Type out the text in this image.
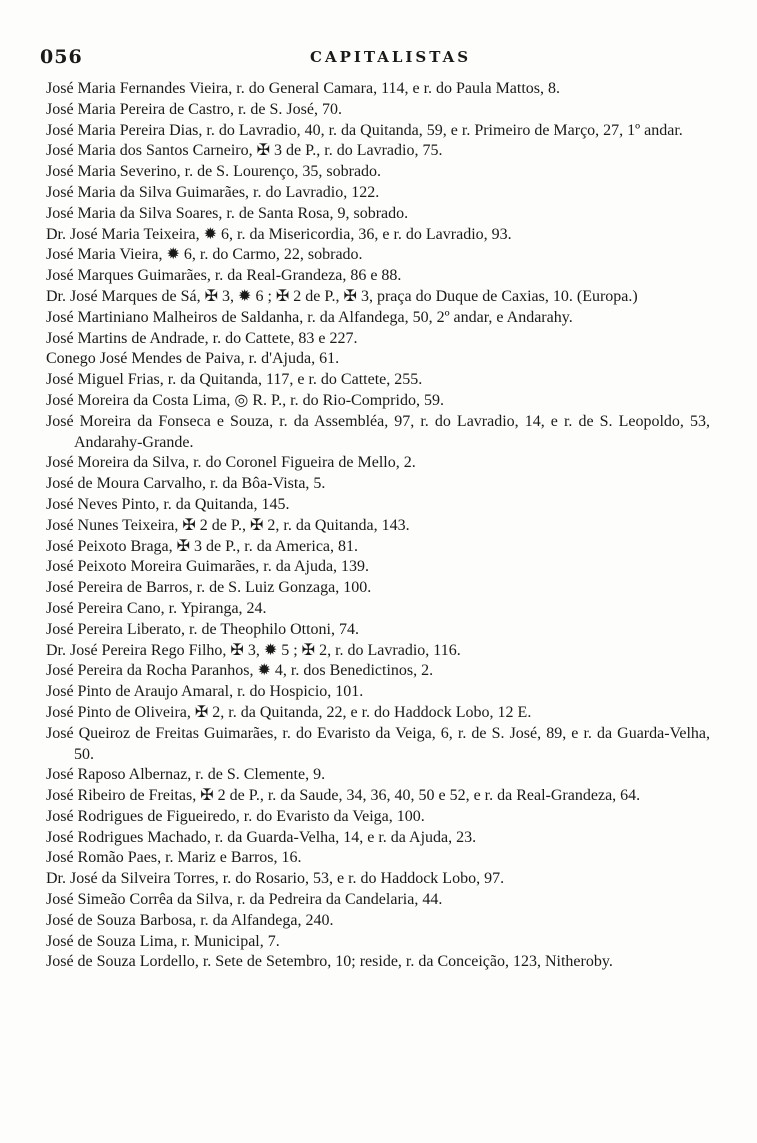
056	CAPITALISTAS
José Maria Fernandes Vieira, r. do General Camara, 114, e r. do Paula Mattos, 8.
José Maria Pereira de Castro, r. de S. José, 70.
José Maria Pereira Dias, r. do Lavradio, 40, r. da Quitanda, 59, e r. Primeiro de Março, 27, 1º andar.
José Maria dos Santos Carneiro, ✠ 3 de P., r. do Lavradio, 75.
José Maria Severino, r. de S. Lourenço, 35, sobrado.
José Maria da Silva Guimarães, r. do Lavradio, 122.
José Maria da Silva Soares, r. de Santa Rosa, 9, sobrado.
Dr. José Maria Teixeira, ✹ 6, r. da Misericordia, 36, e r. do Lavradio, 93.
José Maria Vieira, ✹ 6, r. do Carmo, 22, sobrado.
José Marques Guimarães, r. da Real-Grandeza, 86 e 88.
Dr. José Marques de Sá, ✠ 3, ✹ 6 ; ✠ 2 de P., ✠ 3, praça do Duque de Caxias, 10. (Europa.)
José Martiniano Malheiros de Saldanha, r. da Alfandega, 50, 2º andar, e Andarahy.
José Martins de Andrade, r. do Cattete, 83 e 227.
Conego José Mendes de Paiva, r. d'Ajuda, 61.
José Miguel Frias, r. da Quitanda, 117, e r. do Cattete, 255.
José Moreira da Costa Lima, ◎ R. P., r. do Rio-Comprido, 59.
José Moreira da Fonseca e Souza, r. da Assembléa, 97, r. do Lavradio, 14, e r. de S. Leopoldo, 53, Andarahy-Grande.
José Moreira da Silva, r. do Coronel Figueira de Mello, 2.
José de Moura Carvalho, r. da Bôa-Vista, 5.
José Neves Pinto, r. da Quitanda, 145.
José Nunes Teixeira, ✠ 2 de P., ✠ 2, r. da Quitanda, 143.
José Peixoto Braga, ✠ 3 de P., r. da America, 81.
José Peixoto Moreira Guimarães, r. da Ajuda, 139.
José Pereira de Barros, r. de S. Luiz Gonzaga, 100.
José Pereira Cano, r. Ypiranga, 24.
José Pereira Liberato, r. de Theophilo Ottoni, 74.
Dr. José Pereira Rego Filho, ✠ 3, ✹ 5 ; ✠ 2, r. do Lavradio, 116.
José Pereira da Rocha Paranhos, ✹ 4, r. dos Benedictinos, 2.
José Pinto de Araujo Amaral, r. do Hospicio, 101.
José Pinto de Oliveira, ✠ 2, r. da Quitanda, 22, e r. do Haddock Lobo, 12 E.
José Queiroz de Freitas Guimarães, r. do Evaristo da Veiga, 6, r. de S. José, 89, e r. da Guarda-Velha, 50.
José Raposo Albernaz, r. de S. Clemente, 9.
José Ribeiro de Freitas, ✠ 2 de P., r. da Saude, 34, 36, 40, 50 e 52, e r. da Real-Grandeza, 64.
José Rodrigues de Figueiredo, r. do Evaristo da Veiga, 100.
José Rodrigues Machado, r. da Guarda-Velha, 14, e r. da Ajuda, 23.
José Romão Paes, r. Mariz e Barros, 16.
Dr. José da Silveira Torres, r. do Rosario, 53, e r. do Haddock Lobo, 97.
José Simeão Corrêa da Silva, r. da Pedreira da Candelaria, 44.
José de Souza Barbosa, r. da Alfandega, 240.
José de Souza Lima, r. Municipal, 7.
José de Souza Lordello, r. Sete de Setembro, 10; reside, r. da Conceição, 123, Nitheroby.
